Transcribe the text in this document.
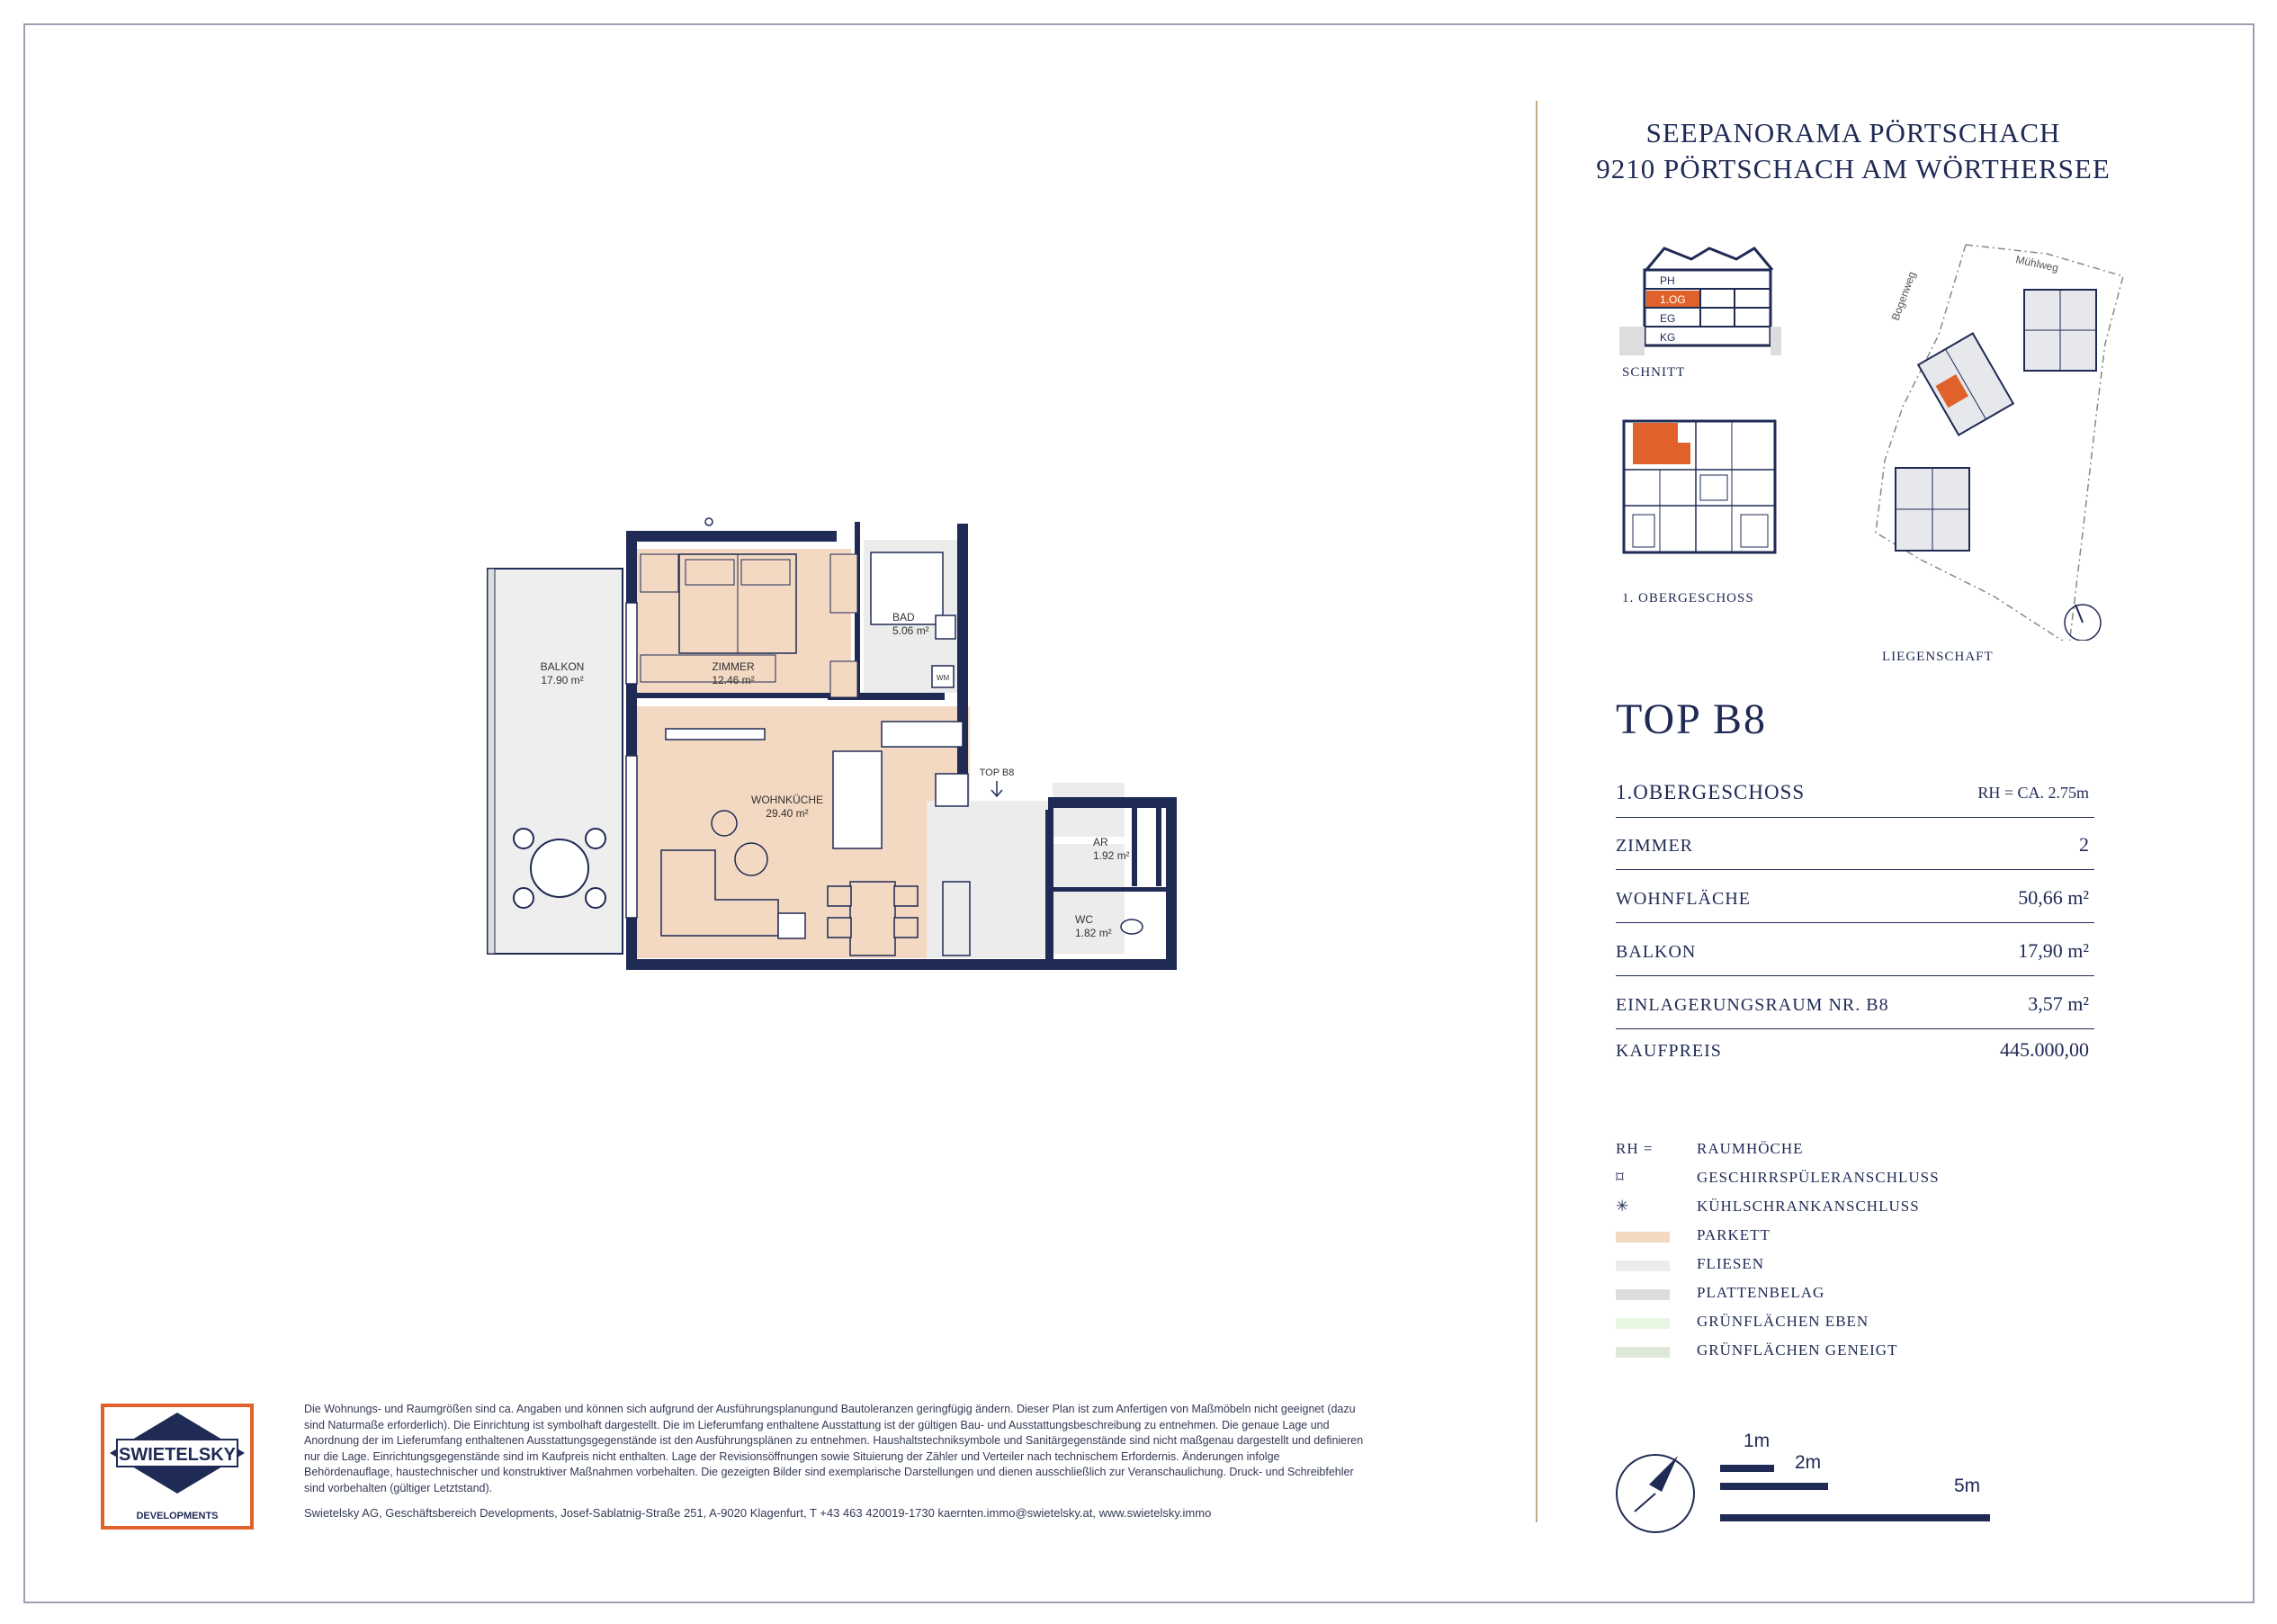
SEEPANORAMA PÖRTSCHACH
9210 PÖRTSCHACH AM WÖRTHERSEE
PH
1.OG
EG
KG
SCHNITT
1. OBERGESCHOSS
Bogenweg
Mühlweg
LIEGENSCHAFT
TOP B8
1.OBERGESCHOSS	RH = CA. 2.75m
ZIMMER	2
WOHNFLÄCHE	50,66 m²
BALKON	17,90 m²
EINLAGERUNGSRAUM NR. B8	3,57 m²
KAUFPREIS	445.000,00
RH =	RAUMHÖCHE
⌑	GESCHIRRSPÜLERANSCHLUSS
✳	KÜHLSCHRANKANSCHLUSS
PARKETT
FLIESEN
PLATTENBELAG
GRÜNFLÄCHEN EBEN
GRÜNFLÄCHEN GENEIGT
1m
2m
5m
BALKON
17.90 m²
ZIMMER
12.46 m²	WM
BAD
5.06 m²
WOHNKÜCHE
29.40 m²
TOP B8
AR
1.92 m²
WC
1.82 m²
SWIETELSKY
DEVELOPMENTS
Die Wohnungs- und Raumgrößen sind ca. Angaben und können sich aufgrund der Ausführungsplanungund Bautoleranzen geringfügig ändern. Dieser Plan ist zum Anfertigen von Maßmöbeln nicht geeignet (dazu sind Naturmaße erforderlich). Die Einrichtung ist symbolhaft dargestellt. Die im Lieferumfang enthaltene Ausstattung ist der gültigen Bau- und Ausstattungsbeschreibung zu entnehmen. Die genaue Lage und Anordnung der im Lieferumfang enthaltenen Ausstattungsgegenstände ist den Ausführungsplänen zu entnehmen. Haushaltstechniksymbole und Sanitärgegenstände sind nicht maßgenau dargestellt und definieren nur die Lage. Einrichtungsgegenstände sind im Kaufpreis nicht enthalten. Lage der Revisionsöffnungen sowie Situierung der Zähler und Verteiler nach technischem Erfordernis. Änderungen infolge Behördenauflage, haustechnischer und konstruktiver Maßnahmen vorbehalten. Die gezeigten Bilder sind exemplarische Darstellungen und dienen ausschließlich zur Veranschaulichung. Druck- und Schreibfehler sind vorbehalten (gültiger Letztstand).
Swietelsky AG, Geschäftsbereich Developments, Josef-Sablatnig-Straße 251, A-9020 Klagenfurt, T +43 463 420019-1730 kaernten.immo@swietelsky.at, www.swietelsky.immo
